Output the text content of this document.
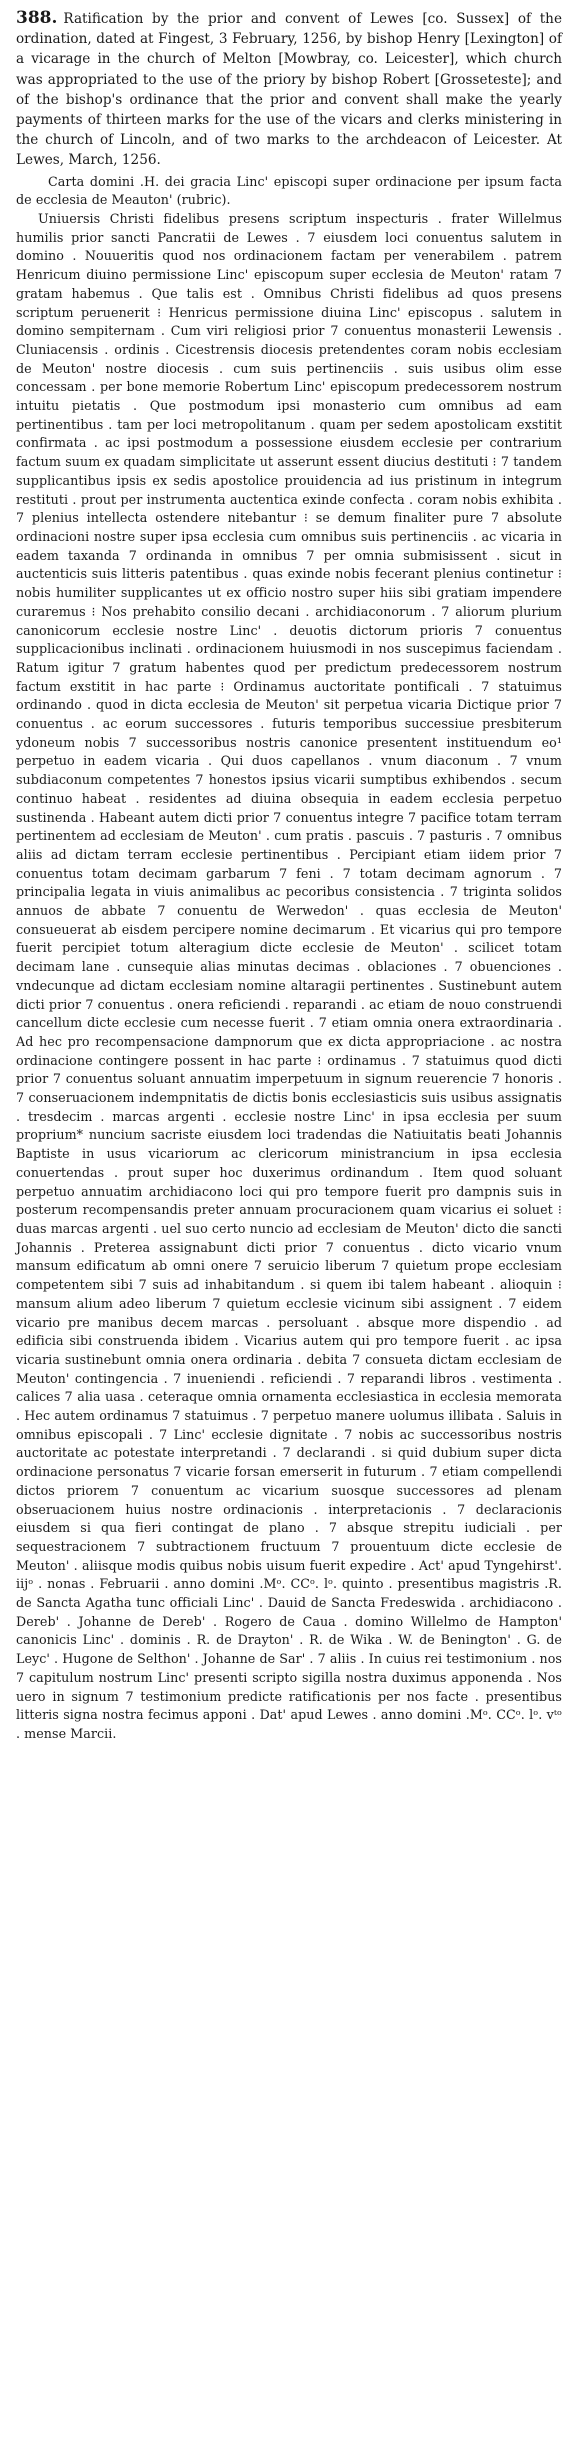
388. Ratification by the prior and convent of Lewes [co. Sussex] of the ordination, dated at Fingest, 3 February, 1256, by bishop Henry [Lexington] of a vicarage in the church of Melton [Mowbray, co. Leicester], which church was appropriated to the use of the priory by bishop Robert [Grosseteste]; and of the bishop's ordinance that the prior and convent shall make the yearly payments of thirteen marks for the use of the vicars and clerks ministering in the church of Lincoln, and of two marks to the archdeacon of Leicester. At Lewes, March, 1256.

Carta domini .H. dei gracia Linc' episcopi super ordinacione per ipsum facta de ecclesia de Meauton' (rubric).

Uniuersis Christi fidelibus presens scriptum inspecturis . frater Willelmus humilis prior sancti Pancratii de Lewes . 7 eiusdem loci conuentus salutem in domino . Nouueritis quod nos ordinacionem factam per venerabilem . patrem Henricum diuino permissione Linc' episcopum super ecclesia de Meuton' ratam 7 gratam habemus . Que talis est . Omnibus Christi fidelibus ad quos presens scriptum peruenerit ⁝ Henricus permissione diuina Linc' episcopus . salutem in domino sempiternam . Cum viri religiosi prior 7 conuentus monasterii Lewensis . Cluniacensis . ordinis . Cicestrensis diocesis pretendentes coram nobis ecclesiam de Meuton' nostre diocesis . cum suis pertinenciis . suis usibus olim esse concessam . per bone memorie Robertum Linc' episcopum predecessorem nostrum intuitu pietatis . Que postmodum ipsi monasterio cum omnibus ad eam pertinentibus . tam per loci metropolitanum . quam per sedem apostolicam exstitit confirmata . ac ipsi postmodum a possessione eiusdem ecclesie per contrarium factum suum ex quadam simplicitate ut asserunt essent diucius destituti ⁝ 7 tandem supplicantibus ipsis ex sedis apostolice prouidencia ad ius pristinum in integrum restituti . prout per instrumenta auctentica exinde confecta . coram nobis exhibita . 7 plenius intellecta ostendere nitebantur ⁝ se demum finaliter pure 7 absolute ordinacioni nostre super ipsa ecclesia cum omnibus suis pertinenciis . ac vicaria in eadem taxanda 7 ordinanda in omnibus 7 per omnia submisissent . sicut in auctenticis suis litteris patentibus . quas exinde nobis fecerant plenius continetur ⁝ nobis humiliter supplicantes ut ex officio nostro super hiis sibi gratiam impendere curaremus ⁝ Nos prehabito consilio decani . archidiaconorum . 7 aliorum plurium canonicorum ecclesie nostre Linc' . deuotis dictorum prioris 7 conuentus supplicacionibus inclinati . ordinacionem huiusmodi in nos suscepimus faciendam . Ratum igitur 7 gratum habentes quod per predictum predecessorem nostrum factum exstitit in hac parte ⁝ Ordinamus auctoritate pontificali . 7 statuimus ordinando . quod in dicta ecclesia de Meuton' sit perpetua vicaria Dictique prior 7 conuentus . ac eorum successores . futuris temporibus successiue presbiterum ydoneum nobis 7 successoribus nostris canonice presentent instituendum eo¹ perpetuo in eadem vicaria . Qui duos capellanos . vnum diaconum . 7 vnum subdiaconum competentes 7 honestos ipsius vicarii sumptibus exhibendos . secum continuo habeat . residentes ad diuina obsequia in eadem ecclesia perpetuo sustinenda . Habeant autem dicti prior 7 conuentus integre 7 pacifice totam terram pertinentem ad ecclesiam de Meuton' . cum pratis . pascuis . 7 pasturis . 7 omnibus aliis ad dictam terram ecclesie pertinentibus . Percipiant etiam iidem prior 7 conuentus totam decimam garbarum 7 feni . 7 totam decimam agnorum . 7 principalia legata in viuis animalibus ac pecoribus consistencia . 7 triginta solidos annuos de abbate 7 conuentu de Werwedon' . quas ecclesia de Meuton' consueuerat ab eisdem percipere nomine decimarum . Et vicarius qui pro tempore fuerit percipiet totum alteragium dicte ecclesie de Meuton' . scilicet totam decimam lane . cunsequie alias minutas decimas . oblaciones . 7 obuenciones . vndecunque ad dictam ecclesiam nomine altaragii pertinentes . Sustinebunt autem dicti prior 7 conuentus . onera reficiendi . reparandi . ac etiam de nouo construendi cancellum dicte ecclesie cum necesse fuerit . 7 etiam omnia onera extraordinaria . Ad hec pro recompensacione dampnorum que ex dicta appropriacione . ac nostra ordinacione contingere possent in hac parte ⁝ ordinamus . 7 statuimus quod dicti prior 7 conuentus soluant annuatim imperpetuum in signum reuerencie 7 honoris . 7 conseruacionem indempnitatis de dictis bonis ecclesiasticis suis usibus assignatis . tresdecim . marcas argenti . ecclesie nostre Linc' in ipsa ecclesia per suum proprium* nuncium sacriste eiusdem loci tradendas die Natiuitatis beati Johannis Baptiste in usus vicariorum ac clericorum ministrancium in ipsa ecclesia conuertendas . prout super hoc duxerimus ordinandum . Item quod soluant perpetuo annuatim archidiacono loci qui pro tempore fuerit pro dampnis suis in posterum recompensandis preter annuam procuracionem quam vicarius ei soluet ⁝ duas marcas argenti . uel suo certo nuncio ad ecclesiam de Meuton' dicto die sancti Johannis . Preterea assignabunt dicti prior 7 conuentus . dicto vicario vnum mansum edificatum ab omni onere 7 seruicio liberum 7 quietum prope ecclesiam competentem sibi 7 suis ad inhabitandum . si quem ibi talem habeant . alioquin ⁝ mansum alium adeo liberum 7 quietum ecclesie vicinum sibi assignent . 7 eidem vicario pre manibus decem marcas . persoluant . absque more dispendio . ad edificia sibi construenda ibidem . Vicarius autem qui pro tempore fuerit . ac ipsa vicaria sustinebunt omnia onera ordinaria . debita 7 consueta dictam ecclesiam de Meuton' contingencia . 7 inueniendi . reficiendi . 7 reparandi libros . vestimenta . calices 7 alia uasa . ceteraque omnia ornamenta ecclesiastica in ecclesia memorata . Hec autem ordinamus 7 statuimus . 7 perpetuo manere uolumus illibata . Saluis in omnibus episcopali . 7 Linc' ecclesie dignitate . 7 nobis ac successoribus nostris auctoritate ac potestate interpretandi . 7 declarandi . si quid dubium super dicta ordinacione personatus 7 vicarie forsan emerserit in futurum . 7 etiam compellendi dictos priorem 7 conuentum ac vicarium suosque successores ad plenam obseruacionem huius nostre ordinacionis . interpretacionis . 7 declaracionis eiusdem si qua fieri contingat de plano . 7 absque strepitu iudiciali . per sequestracionem 7 subtractionem fructuum 7 prouentuum dicte ecclesie de Meuton' . aliisque modis quibus nobis uisum fuerit expedire . Act' apud Tyngehirst'. iijᵒ . nonas . Februarii . anno domini .Mᵒ. CCᵒ. lᵒ. quinto . presentibus magistris .R. de Sancta Agatha tunc officiali Linc' . Dauid de Sancta Fredeswida . archidiacono . Dereb' . Johanne de Dereb' . Rogero de Caua . domino Willelmo de Hampton' canonicis Linc' . dominis . R. de Drayton' . R. de Wika . W. de Benington' . G. de Leyc' . Hugone de Selthon' . Johanne de Sar' . 7 aliis . In cuius rei testimonium . nos 7 capitulum nostrum Linc' presenti scripto sigilla nostra duximus apponenda . Nos uero in signum 7 testimonium predicte ratificationis per nos facte . presentibus litteris signa nostra fecimus apponi . Dat' apud Lewes . anno domini .Mᵒ. CCᵒ. lᵒ. vᵗᵒ . mense Marcii.
